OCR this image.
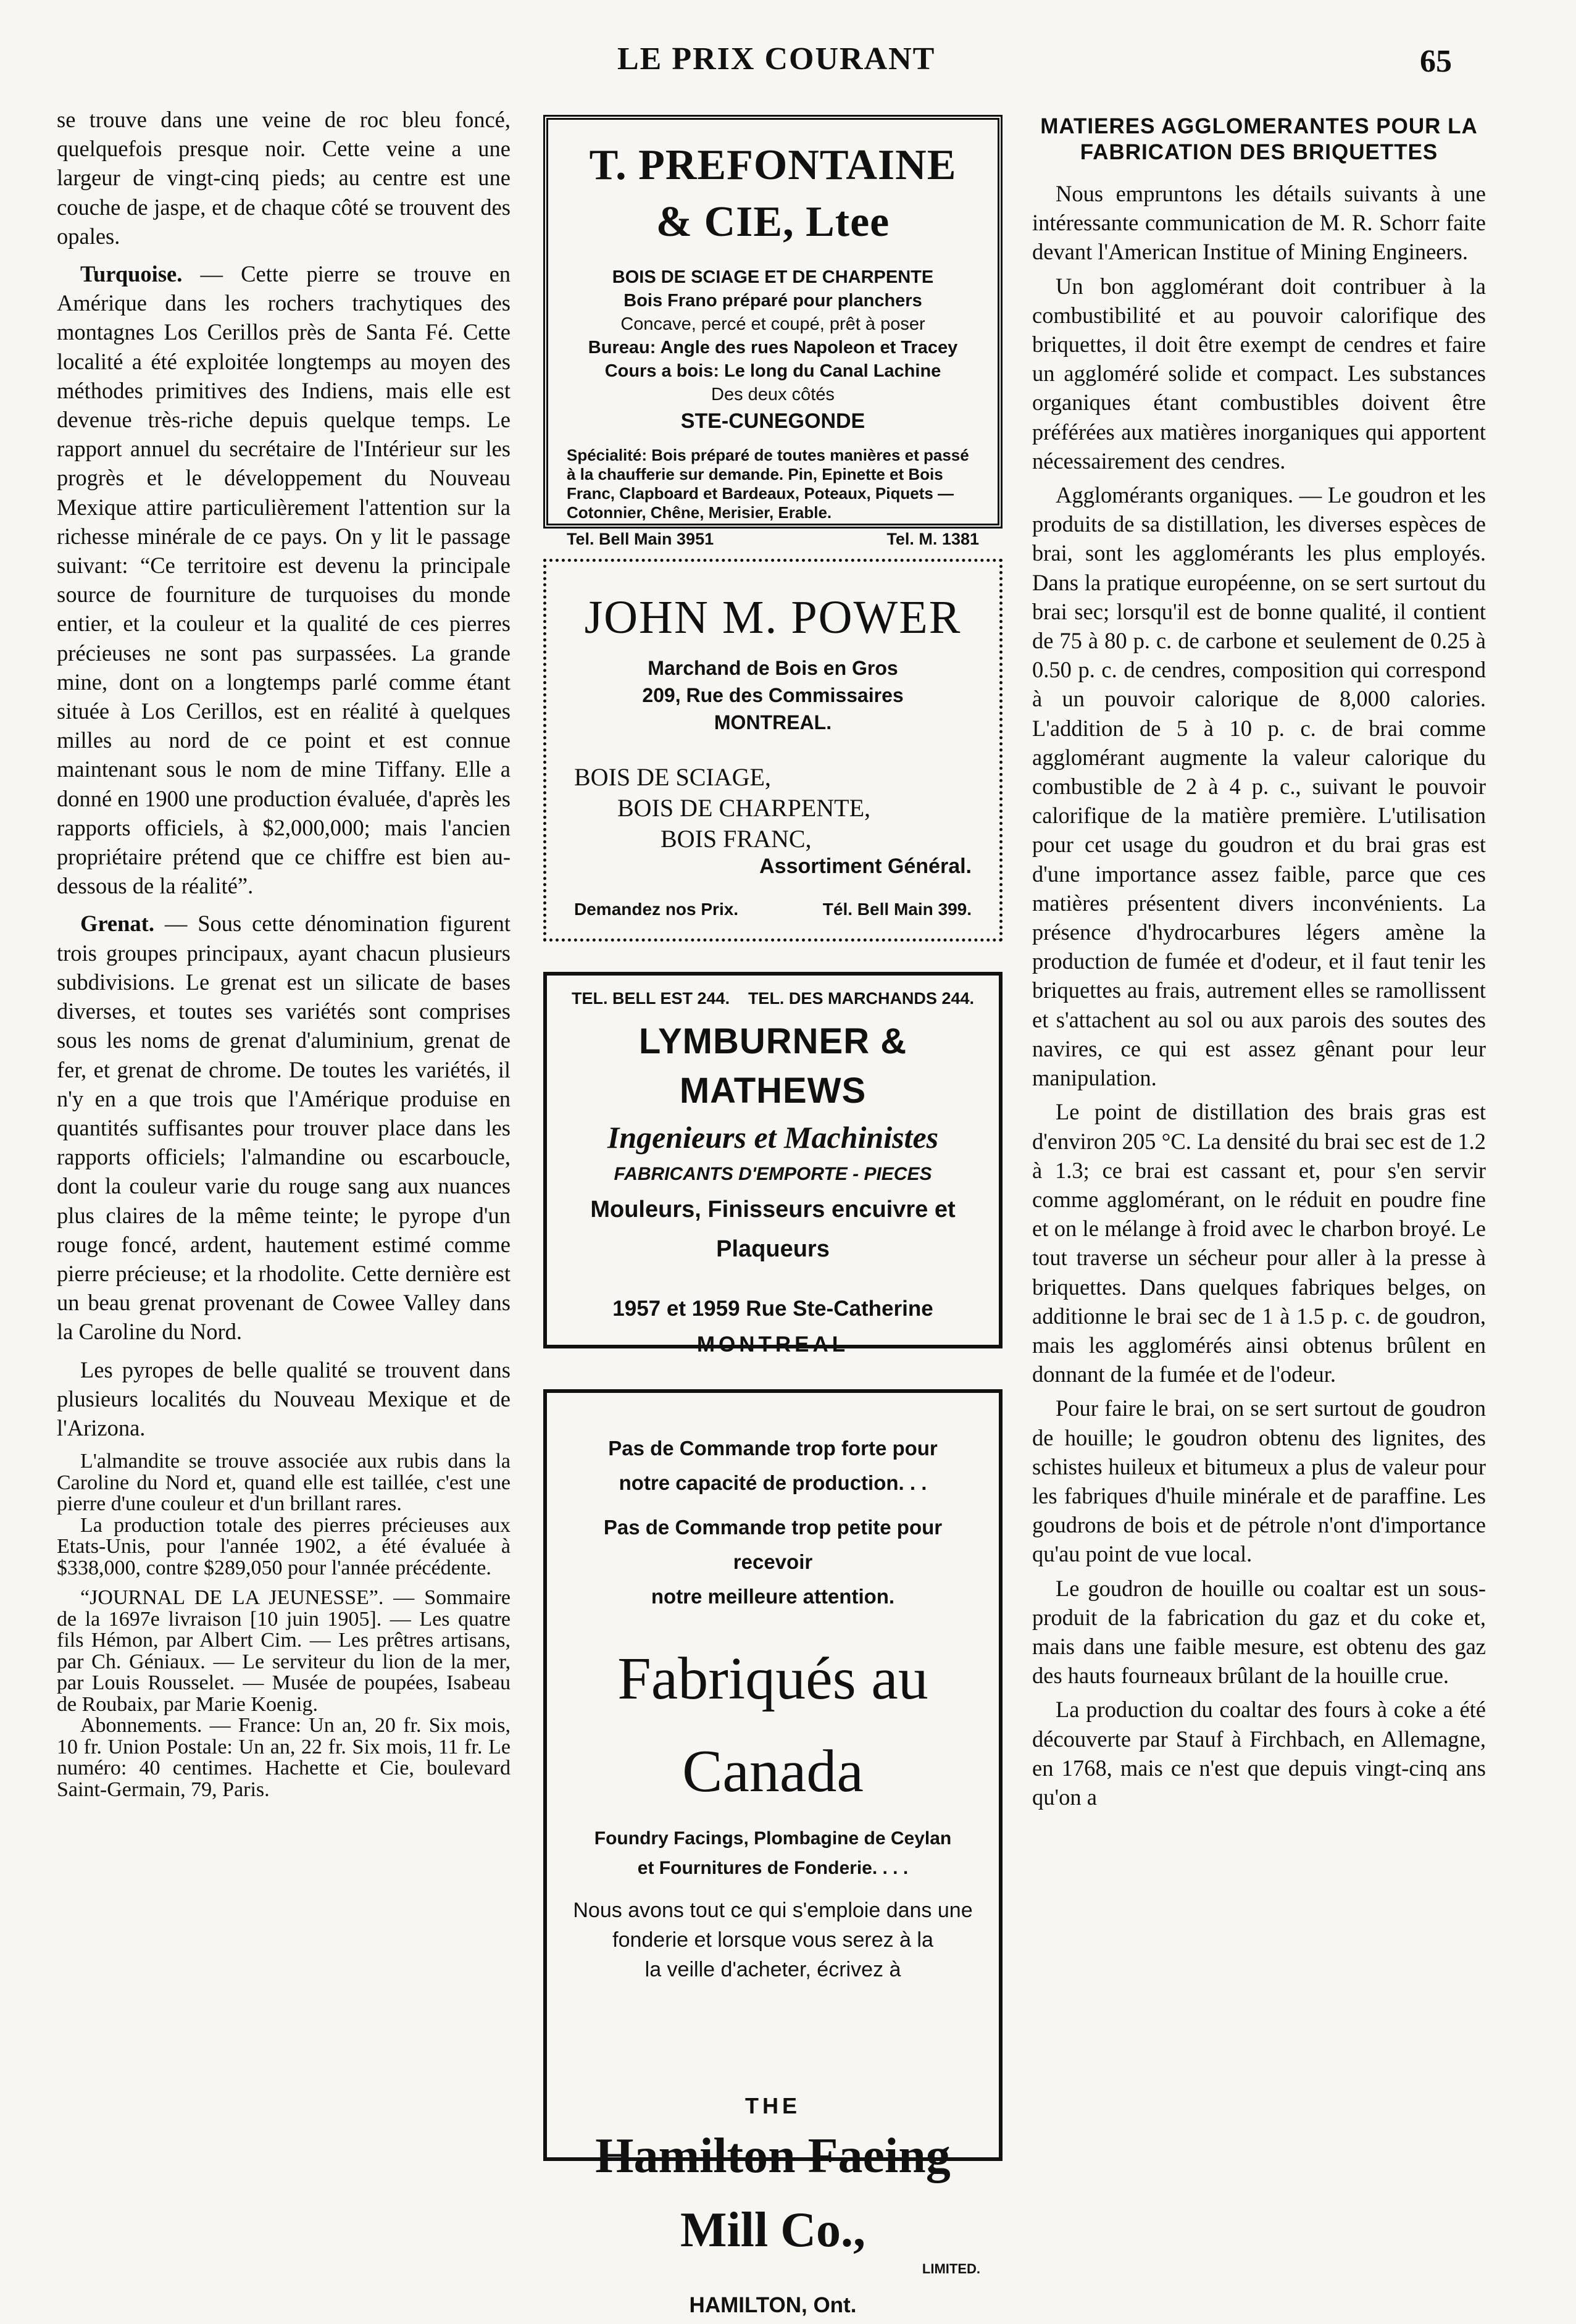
LE PRIX COURANT	65

se trouve dans une veine de roc bleu foncé, quelquefois presque noir. Cette veine a une largeur de vingt-cinq pieds; au centre est une couche de jaspe, et de chaque côté se trouvent des opales.

Turquoise. — Cette pierre se trouve en Amérique dans les rochers trachytiques des montagnes Los Cerillos près de Santa Fé. Cette localité a été exploitée longtemps au moyen des méthodes primitives des Indiens, mais elle est devenue très-riche depuis quelque temps. Le rapport annuel du secrétaire de l'Intérieur sur les progrès et le développement du Nouveau Mexique attire particulièrement l'attention sur la richesse minérale de ce pays. On y lit le passage suivant: “Ce territoire est devenu la principale source de fourniture de turquoises du monde entier, et la couleur et la qualité de ces pierres précieuses ne sont pas surpassées. La grande mine, dont on a longtemps parlé comme étant située à Los Cerillos, est en réalité à quelques milles au nord de ce point et est connue maintenant sous le nom de mine Tiffany. Elle a donné en 1900 une production évaluée, d'après les rapports officiels, à $2,000,000; mais l'ancien propriétaire prétend que ce chiffre est bien au-dessous de la réalité”.

Grenat. — Sous cette dénomination figurent trois groupes principaux, ayant chacun plusieurs subdivisions. Le grenat est un silicate de bases diverses, et toutes ses variétés sont comprises sous les noms de grenat d'aluminium, grenat de fer, et grenat de chrome. De toutes les variétés, il n'y en a que trois que l'Amérique produise en quantités suffisantes pour trouver place dans les rapports officiels; l'almandine ou escarboucle, dont la couleur varie du rouge sang aux nuances plus claires de la même teinte; le pyrope d'un rouge foncé, ardent, hautement estimé comme pierre précieuse; et la rhodolite. Cette dernière est un beau grenat provenant de Cowee Valley dans la Caroline du Nord.

Les pyropes de belle qualité se trouvent dans plusieurs localités du Nouveau Mexique et de l'Arizona.

L'almandite se trouve associée aux rubis dans la Caroline du Nord et, quand elle est taillée, c'est une pierre d'une couleur et d'un brillant rares.

La production totale des pierres précieuses aux Etats-Unis, pour l'année 1902, a été évaluée à $338,000, contre $289,050 pour l'année précédente.

“JOURNAL DE LA JEUNESSE”. — Sommaire de la 1697e livraison [10 juin 1905]. — Les quatre fils Hémon, par Albert Cim. — Les prêtres artisans, par Ch. Géniaux. — Le serviteur du lion de la mer, par Louis Rousselet. — Musée de poupées, Isabeau de Roubaix, par Marie Koenig.

Abonnements. — France: Un an, 20 fr. Six mois, 10 fr. Union Postale: Un an, 22 fr. Six mois, 11 fr. Le numéro: 40 centimes. Hachette et Cie, boulevard Saint-Germain, 79, Paris.

T. PREFONTAINE & CIE, Ltee

BOIS DE SCIAGE ET DE CHARPENTE

Bois Frano préparé pour planchers

Concave, percé et coupé, prêt à poser

Bureau: Angle des rues Napoleon et Tracey

Cours a bois: Le long du Canal Lachine

Des deux côtés

STE-CUNEGONDE

Spécialité: Bois préparé de toutes manières et passé à la chaufferie sur demande. Pin, Epinette et Bois Franc, Clapboard et Bardeaux, Poteaux, Piquets — Cotonnier, Chêne, Merisier, Erable.

Tel. Bell Main 3951	Tel. M. 1381

JOHN M. POWER

Marchand de Bois en Gros

209, Rue des Commissaires

MONTREAL.

BOIS DE SCIAGE,

BOIS DE CHARPENTE,

BOIS FRANC,

Assortiment Général.

Demandez nos Prix.	Tél. Bell Main 399.
TEL. BELL EST 244. TEL. DES MARCHANDS 244.

LYMBURNER & MATHEWS

Ingenieurs et Machinistes

FABRICANTS D'EMPORTE - PIECES

Mouleurs, Finisseurs encuivre et Plaqueurs

1957 et 1959 Rue Ste-Catherine

MONTREAL

Pas de Commande trop forte pour

notre capacité de production. . .

Pas de Commande trop petite pour recevoir

notre meilleure attention.

Fabriqués au Canada

Foundry Facings, Plombagine de Ceylan

et Fournitures de Fonderie. . . .

Nous avons tout ce qui s'emploie dans une

fonderie et lorsque vous serez à la

la veille d'acheter, écrivez à

THE

Hamilton Faeing Mill Co.,

LIMITED.

HAMILTON, Ont.

MATIERES AGGLOMERANTES POUR LA FABRICATION DES BRIQUETTES

Nous empruntons les détails suivants à une intéressante communication de M. R. Schorr faite devant l'American Institue of Mining Engineers.

Un bon agglomérant doit contribuer à la combustibilité et au pouvoir calorifique des briquettes, il doit être exempt de cendres et faire un aggloméré solide et compact. Les substances organiques étant combustibles doivent être préférées aux matières inorganiques qui apportent nécessairement des cendres.

Agglomérants organiques. — Le goudron et les produits de sa distillation, les diverses espèces de brai, sont les agglomérants les plus employés. Dans la pratique européenne, on se sert surtout du brai sec; lorsqu'il est de bonne qualité, il contient de 75 à 80 p. c. de carbone et seulement de 0.25 à 0.50 p. c. de cendres, composition qui correspond à un pouvoir calorique de 8,000 calories. L'addition de 5 à 10 p. c. de brai comme agglomérant augmente la valeur calorique du combustible de 2 à 4 p. c., suivant le pouvoir calorifique de la matière première. L'utilisation pour cet usage du goudron et du brai gras est d'une importance assez faible, parce que ces matières présentent divers inconvénients. La présence d'hydrocarbures légers amène la production de fumée et d'odeur, et il faut tenir les briquettes au frais, autrement elles se ramollissent et s'attachent au sol ou aux parois des soutes des navires, ce qui est assez gênant pour leur manipulation.

Le point de distillation des brais gras est d'environ 205 °C. La densité du brai sec est de 1.2 à 1.3; ce brai est cassant et, pour s'en servir comme agglomérant, on le réduit en poudre fine et on le mélange à froid avec le charbon broyé. Le tout traverse un sécheur pour aller à la presse à briquettes. Dans quelques fabriques belges, on additionne le brai sec de 1 à 1.5 p. c. de goudron, mais les agglomérés ainsi obtenus brûlent en donnant de la fumée et de l'odeur.

Pour faire le brai, on se sert surtout de goudron de houille; le goudron obtenu des lignites, des schistes huileux et bitumeux a plus de valeur pour les fabriques d'huile minérale et de paraffine. Les goudrons de bois et de pétrole n'ont d'importance qu'au point de vue local.

Le goudron de houille ou coaltar est un sous-produit de la fabrication du gaz et du coke et, mais dans une faible mesure, est obtenu des gaz des hauts fourneaux brûlant de la houille crue.

La production du coaltar des fours à coke a été découverte par Stauf à Firchbach, en Allemagne, en 1768, mais ce n'est que depuis vingt-cinq ans qu'on a
